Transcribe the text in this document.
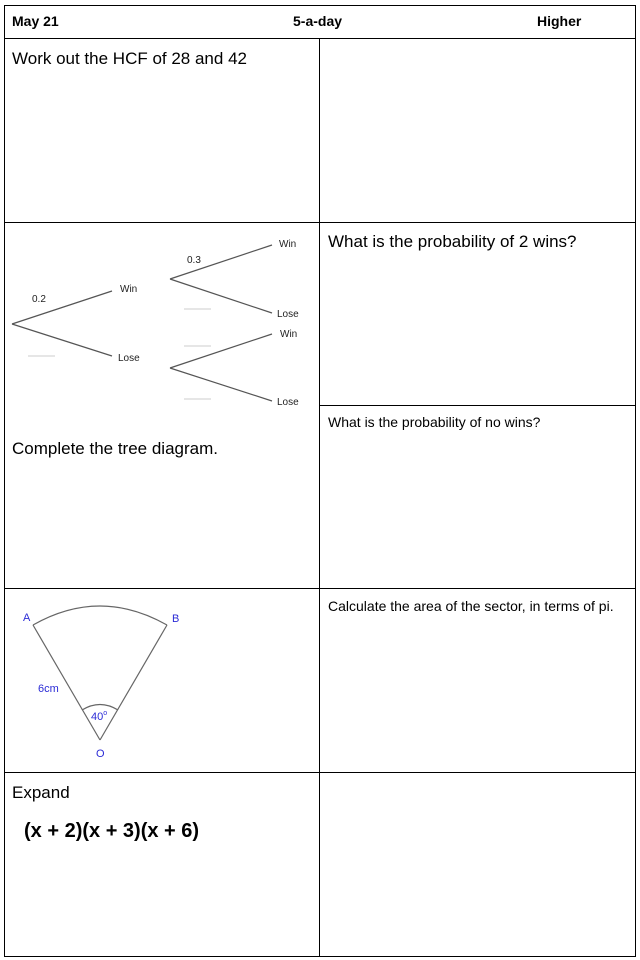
May 21	5-a-day	Higher
Work out the HCF of 28 and 42
0.2
0.3
Win
Lose
Win
Lose
Win
Lose
Complete the tree diagram.
What is the probability of 2 wins?
What is the probability of no wins?
A	B
O
6cm
40$^o$
Calculate the area of the sector, in terms of pi.
Expand
(x + 2)(x + 3)(x + 6)
